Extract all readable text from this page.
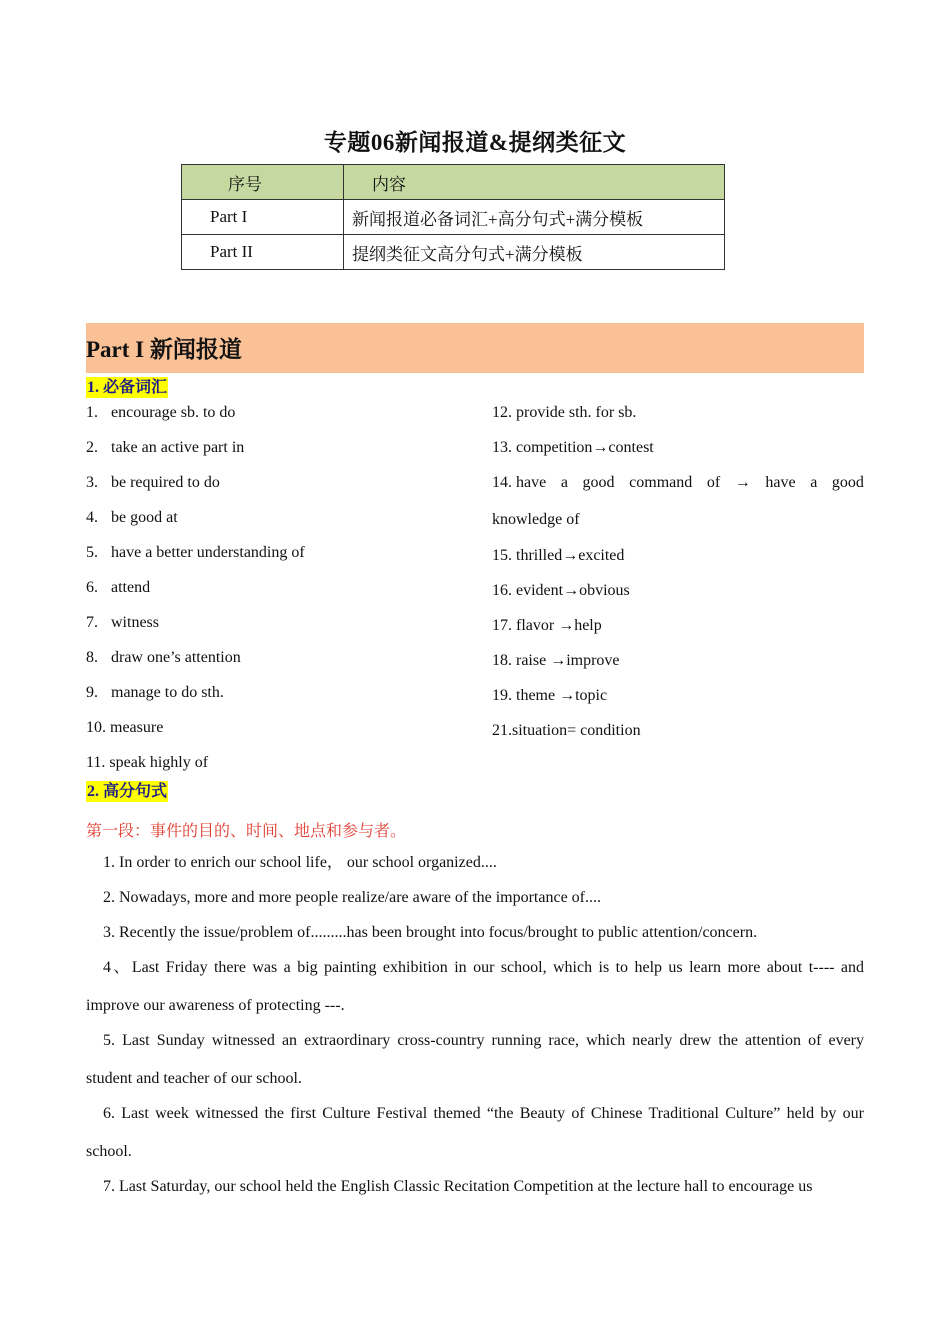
专题06新闻报道&提纲类征文
序号	内容
Part I	新闻报道必备词汇+高分句式+满分模板
Part II	提纲类征文高分句式+满分模板
Part I 新闻报道
1. 必备词汇
1. encourage sb. to do
2. take an active part in
3. be required to do
4. be good at
5. have a better understanding of
6. attend
7. witness
8. draw one’s attention
9. manage to do sth.
10. measure
11. speak highly of
12. provide sth. for sb.
13. competition→contest
14. have a good command of → have a good
knowledge of
15. thrilled→excited
16. evident→obvious
17. flavor →help
18. raise →improve
19. theme →topic
21.situation= condition
2. 高分句式
第一段：事件的目的、时间、地点和参与者。
1. In order to enrich our school life， our school organized....
2. Nowadays, more and more people realize/are aware of the importance of....
3. Recently the issue/problem of.........has been brought into focus/brought to public attention/concern.
4、Last Friday there was a big painting exhibition in our school, which is to help us learn more about t---- and
improve our awareness of protecting ---.
5. Last Sunday witnessed an extraordinary cross-country running race, which nearly drew the attention of every
student and teacher of our school.
6. Last week witnessed the first Culture Festival themed “the Beauty of Chinese Traditional Culture” held by our
school.
7. Last Saturday, our school held the English Classic Recitation Competition at the lecture hall to encourage us
